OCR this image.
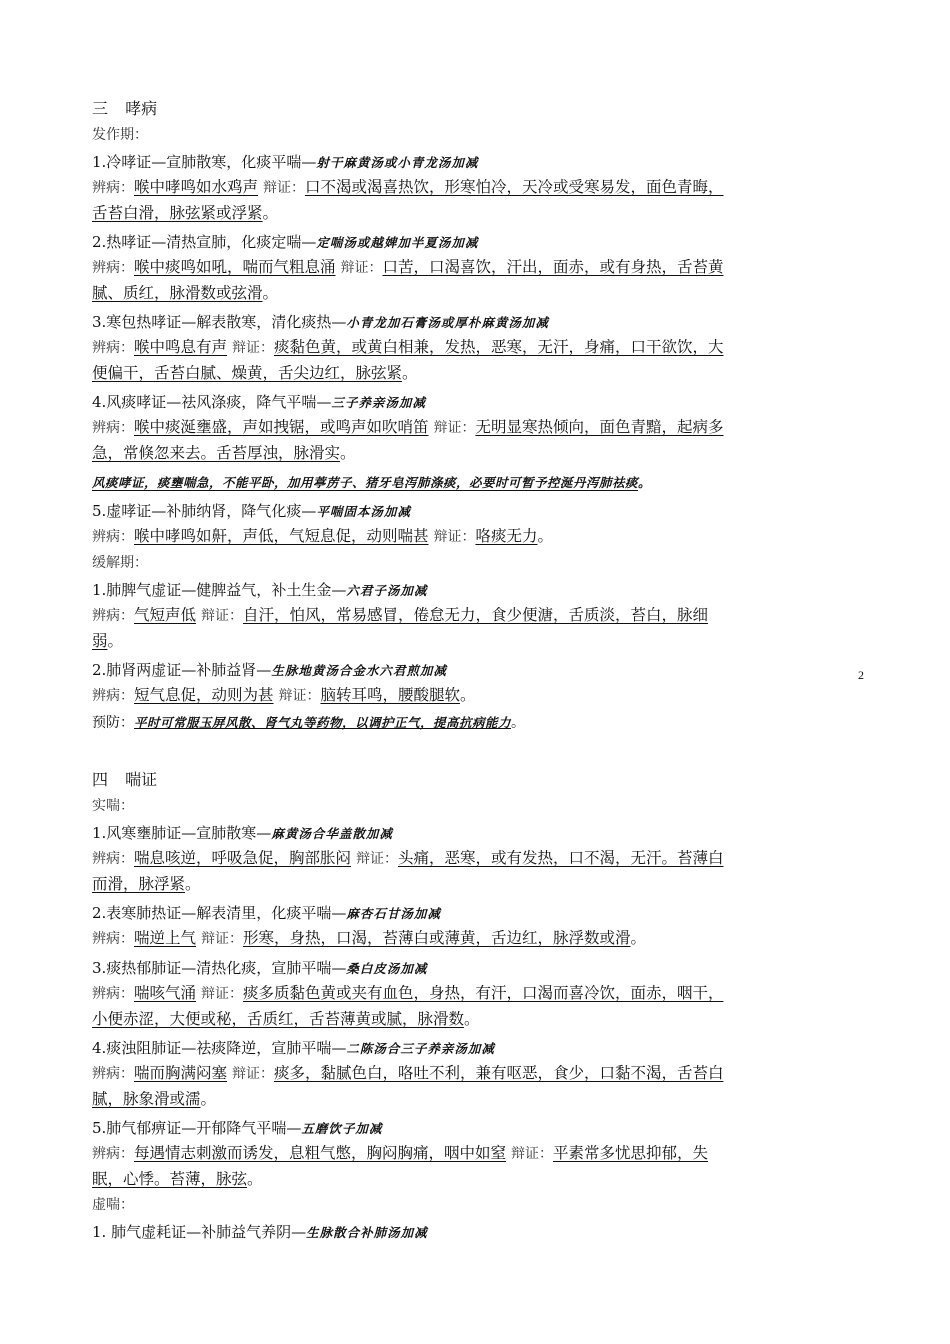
三 哮病
发作期：
1.冷哮证—宣肺散寒，化痰平喘—射干麻黄汤或小青龙汤加减
辨病：喉中哮鸣如水鸡声 辩证：口不渴或渴喜热饮，形寒怕冷，天冷或受寒易发，面色青晦，舌苔白滑，脉弦紧或浮紧。
2.热哮证—清热宣肺，化痰定喘—定喘汤或越婢加半夏汤加减
辨病：喉中痰鸣如吼，喘而气粗息涌 辩证：口苦，口渴喜饮，汗出，面赤，或有身热，舌苔黄腻、质红，脉滑数或弦滑。
3.寒包热哮证—解表散寒，清化痰热—小青龙加石膏汤或厚朴麻黄汤加减
辨病：喉中鸣息有声 辩证：痰黏色黄，或黄白相兼，发热，恶寒，无汗，身痛，口干欲饮，大便偏干，舌苔白腻、燥黄，舌尖边红，脉弦紧。
4.风痰哮证—祛风涤痰，降气平喘—三子养亲汤加减
辨病：喉中痰涎壅盛，声如拽锯，或鸣声如吹哨笛 辩证：无明显寒热倾向，面色青黯，起病多急，常倏忽来去。舌苔厚浊，脉滑实。
风痰哮证，痰壅喘急，不能平卧，加用葶苈子、猪牙皂泻肺涤痰，必要时可暂予控涎丹泻肺祛痰。
5.虚哮证—补肺纳肾，降气化痰—平喘固本汤加减
辨病：喉中哮鸣如鼾，声低，气短息促，动则喘甚 辩证：咯痰无力。
缓解期：
1.肺脾气虚证—健脾益气，补土生金—六君子汤加减
辨病：气短声低 辩证：自汗，怕风，常易感冒，倦怠无力，食少便溏，舌质淡，苔白，脉细弱。
2.肺肾两虚证—补肺益肾—生脉地黄汤合金水六君煎加减
辨病：短气息促，动则为甚 辩证：脑转耳鸣，腰酸腿软。
预防：平时可常服玉屏风散、肾气丸等药物，以调护正气，提高抗病能力。
四 喘证
实喘：
1.风寒壅肺证—宣肺散寒—麻黄汤合华盖散加减
辨病：喘息咳逆，呼吸急促，胸部胀闷 辩证：头痛，恶寒，或有发热，口不渴，无汗。苔薄白而滑，脉浮紧。
2.表寒肺热证—解表清里，化痰平喘—麻杏石甘汤加减
辨病：喘逆上气 辩证：形寒，身热，口渴，苔薄白或薄黄，舌边红，脉浮数或滑。
3.痰热郁肺证—清热化痰，宣肺平喘—桑白皮汤加减
辨病：喘咳气涌 辩证：痰多质黏色黄或夹有血色，身热，有汗，口渴而喜冷饮，面赤，咽干，小便赤涩，大便或秘，舌质红，舌苔薄黄或腻，脉滑数。
4.痰浊阻肺证—祛痰降逆，宣肺平喘—二陈汤合三子养亲汤加减
辨病：喘而胸满闷塞 辩证：痰多，黏腻色白，咯吐不利，兼有呕恶，食少，口黏不渴，舌苔白腻，脉象滑或濡。
5.肺气郁痹证—开郁降气平喘—五磨饮子加减
辨病：每遇情志刺激而诱发，息粗气憋，胸闷胸痛，咽中如窒 辩证：平素常多忧思抑郁，失眠，心悸。苔薄，脉弦。
虚喘：
1. 肺气虚耗证—补肺益气养阴—生脉散合补肺汤加减
2
